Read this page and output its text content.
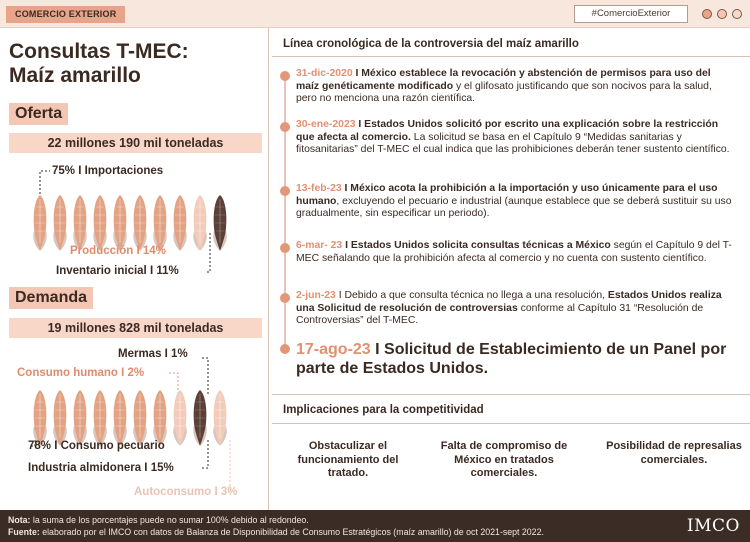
COMERCIO EXTERIOR	#ComercioExterior
Consultas T-MEC:
Maíz amarillo
Oferta
22 millones 190 mil toneladas
75% I Importaciones
Producción I 14%
Inventario inicial I 11%
Demanda
19 millones 828 mil toneladas
Mermas I 1%
Consumo humano I 2%
78% I Consumo pecuario
Industria almidonera I 15%
Autoconsumo I 3%
Línea cronológica de la controversia del maíz amarillo
31-dic-2020 I México establece la revocación y abstención de permisos para uso del maíz genéticamente modificado y el glifosato justificando que son nocivos para la salud, pero no menciona una razón científica.
30-ene-2023 I Estados Unidos solicitó por escrito una explicación sobre la restricción que afecta al comercio. La solicitud se basa en el Capítulo 9 “Medidas sanitarias y fitosanitarias” del T-MEC el cual indica que las prohibiciones deberán tener sustento científico.
13-feb-23 I México acota la prohibición a la importación y uso únicamente para el uso humano, excluyendo el pecuario e industrial (aunque establece que se deberá sustituir su uso gradualmente, sin especificar un periodo).
6-mar- 23 I Estados Unidos solicita consultas técnicas a México según el Capítulo 9 del T-MEC señalando que la prohibición afecta al comercio y no cuenta con sustento científico.
2-jun-23 I Debido a que consulta técnica no llega a una resolución, Estados Unidos realiza una Solicitud de resolución de controversias conforme al Capítulo 31 “Resolución de Controversias” del T-MEC.
17-ago-23 I Solicitud de Establecimiento de un Panel por parte de Estados Unidos.
Implicaciones para la competitividad
Obstaculizar el funcionamiento del tratado.
Falta de compromiso de México en tratados comerciales.
Posibilidad de represalias comerciales.
Nota: la suma de los porcentajes puede no sumar 100% debido al redondeo.
Fuente: elaborado por el IMCO con datos de Balanza de Disponibilidad de Consumo Estratégicos (maíz amarillo) de oct 2021-sept 2022.	IMCO
